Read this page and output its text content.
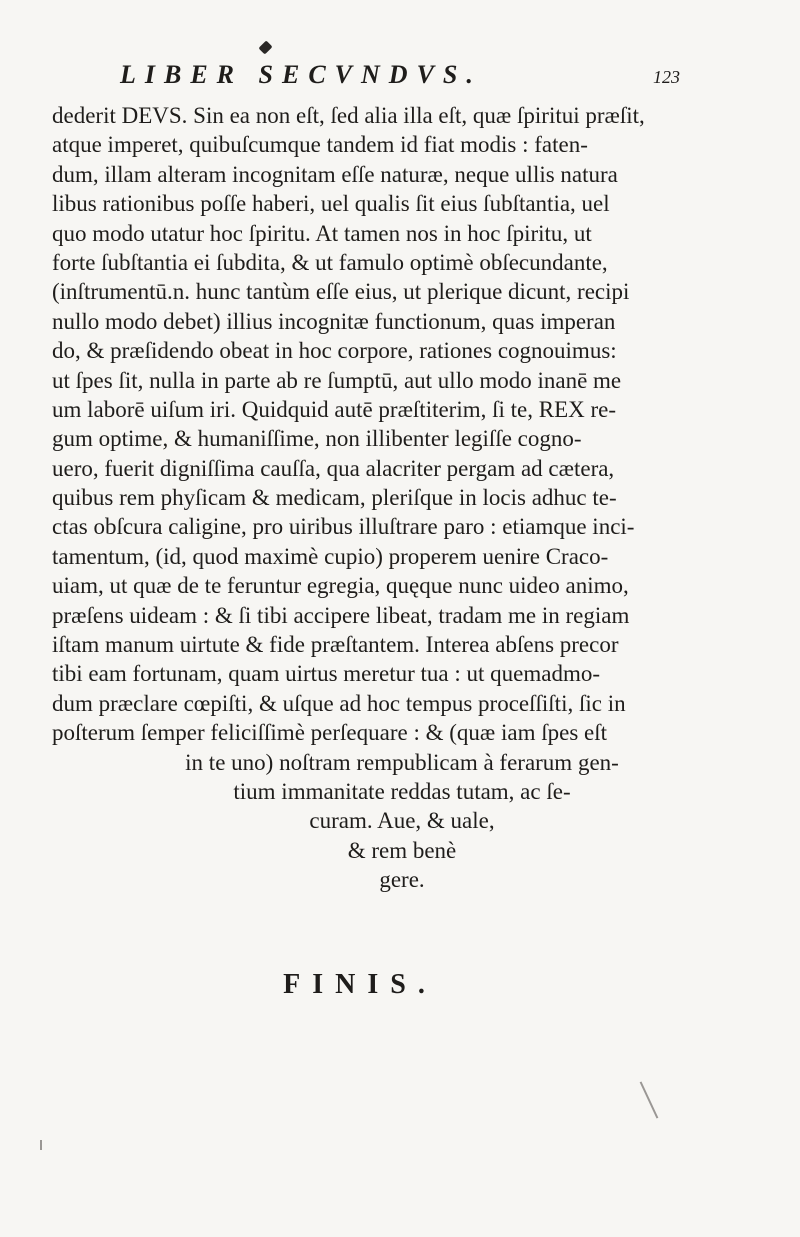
LIBER SECVNDVS.	123
dederit DEVS. Sin ea non eſt, ſed alia illa eſt, quæ ſpiritui præſit,
atque imperet, quibuſcumque tandem id fiat modis : faten-
dum, illam alteram incognitam eſſe naturæ, neque ullis natura
libus rationibus poſſe haberi, uel qualis ſit eius ſubſtantia, uel
quo modo utatur hoc ſpiritu. At tamen nos in hoc ſpiritu, ut
forte ſubſtantia ei ſubdita, & ut famulo optimè obſecundante,
(inſtrumentū.n. hunc tantùm eſſe eius, ut plerique dicunt, recipi
nullo modo debet) illius incognitæ functionum, quas imperan
do, & præſidendo obeat in hoc corpore, rationes cognouimus:
ut ſpes ſit, nulla in parte ab re ſumptū, aut ullo modo inanē me
um laborē uiſum iri. Quidquid autē præſtiterim, ſi te, REX re-
gum optime, & humaniſſime, non illibenter legiſſe cogno-
uero, fuerit digniſſima cauſſa, qua alacriter pergam ad cætera,
quibus rem phyſicam & medicam, pleriſque in locis adhuc te-
ctas obſcura caligine, pro uiribus illuſtrare paro : etiamque inci-
tamentum, (id, quod maximè cupio) properem uenire Craco-
uiam, ut quæ de te feruntur egregia, quęque nunc uideo animo,
præſens uideam : & ſi tibi accipere libeat, tradam me in regiam
iſtam manum uirtute & fide præſtantem. Interea abſens precor
tibi eam fortunam, quam uirtus meretur tua : ut quemadmo-
dum præclare cœpiſti, & uſque ad hoc tempus proceſſiſti, ſic in
poſterum ſemper feliciſſimè perſequare : & (quæ iam ſpes eſt
in te uno) noſtram rempublicam à ferarum gen-
tium immanitate reddas tutam, ac ſe-
curam. Aue, & uale,
& rem benè
gere.
FINIS.
